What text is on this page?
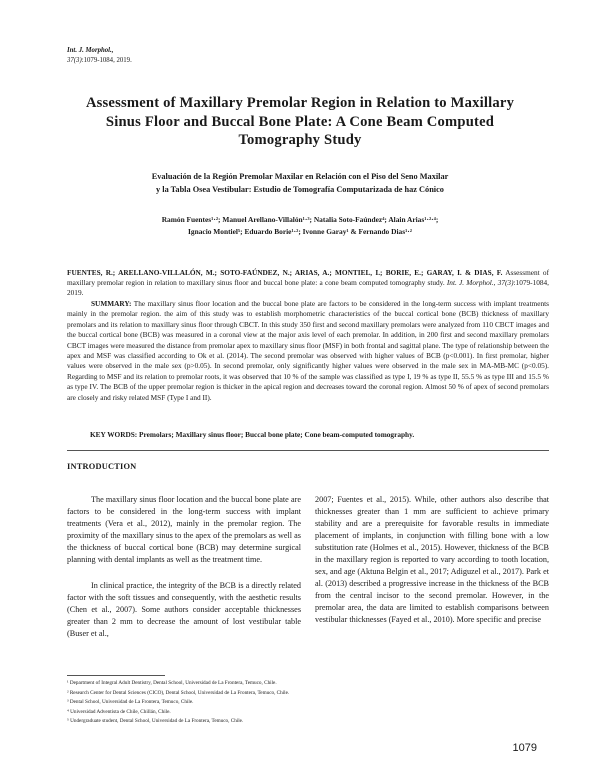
Int. J. Morphol.,
37(3):1079-1084, 2019.
Assessment of Maxillary Premolar Region in Relation to Maxillary Sinus Floor and Buccal Bone Plate: A Cone Beam Computed Tomography Study
Evaluación de la Región Premolar Maxilar en Relación con el Piso del Seno Maxilar
y la Tabla Osea Vestibular: Estudio de Tomografía Computarizada de haz Cónico
Ramón Fuentes¹·²; Manuel Arellano-Villalón¹·³; Natalia Soto-Faúndez⁴; Alain Arias¹·²·⁴;
Ignacio Montiel⁵; Eduardo Borie¹·²; Ivonne Garay¹ & Fernando Dias¹·²
FUENTES, R.; ARELLANO-VILLALÓN, M.; SOTO-FAÚNDEZ, N.; ARIAS, A.; MONTIEL, I.; BORIE, E.; GARAY, I. & DIAS, F. Assessment of maxillary premolar region in relation to maxillary sinus floor and buccal bone plate: a cone beam computed tomography study. Int. J. Morphol., 37(3):1079-1084, 2019.
SUMMARY: The maxillary sinus floor location and the buccal bone plate are factors to be considered in the long-term success with implant treatments mainly in the premolar region. the aim of this study was to establish morphometric characteristics of the buccal cortical bone (BCB) thickness of maxillary premolars and its relation to maxillary sinus floor through CBCT. In this study 350 first and second maxillary premolars were analyzed from 110 CBCT images and the buccal cortical bone (BCB) was measured in a coronal view at the major axis level of each premolar. In addition, in 200 first and second maxillary premolars CBCT images were measured the distance from premolar apex to maxillary sinus floor (MSF) in both frontal and sagittal plane. The type of relationship between the apex and MSF was classified according to Ok et al. (2014). The second premolar was observed with higher values of BCB (p<0.001). In first premolar, higher values were observed in the male sex (p>0.05). In second premolar, only significantly higher values were observed in the male sex in MA-MB-MC (p<0.05). Regarding to MSF and its relation to premolar roots, it was observed that 10 % of the sample was classified as type I, 19 % as type II, 55.5 % as type III and 15.5 % as type IV. The BCB of the upper premolar region is thicker in the apical region and decreases toward the coronal region. Almost 50 % of apex of second premolars are closely and risky related MSF (Type I and II).
KEY WORDS: Premolars; Maxillary sinus floor; Buccal bone plate; Cone beam-computed tomography.
INTRODUCTION

The maxillary sinus floor location and the buccal bone plate are factors to be considered in the long-term success with implant treatments (Vera et al., 2012), mainly in the premolar region. The proximity of the maxillary sinus to the apex of the premolars as well as the thickness of buccal cortical bone (BCB) may determine surgical planning with dental implants as well as the treatment time.

In clinical practice, the integrity of the BCB is a directly related factor with the soft tissues and consequently, with the aesthetic results (Chen et al., 2007). Some authors consider acceptable thicknesses greater than 2 mm to decrease the amount of lost vestibular table (Buser et al.,

2007; Fuentes et al., 2015). While, other authors also describe that thicknesses greater than 1 mm are sufficient to achieve primary stability and are a prerequisite for favorable results in immediate placement of implants, in conjunction with filling bone with a low substitution rate (Holmes et al., 2015). However, thickness of the BCB in the maxillary region is reported to vary according to tooth location, sex, and age (Aktuna Belgin et al., 2017; Adiguzel et al., 2017). Park et al. (2013) described a progressive increase in the thickness of the BCB from the central incisor to the second premolar. However, in the premolar area, the data are limited to establish comparisons between vestibular thicknesses (Fayed et al., 2010). More specific and precise

¹ Department of Integral Adult Dentistry, Dental School, Universidad de La Frontera, Temuco, Chile.
² Research Center for Dental Sciences (CICO), Dental School, Universidad de La Frontera, Temuco, Chile.
³ Dental School, Universidad de La Frontera, Temuco, Chile.
⁴ Universidad Adventista de Chile, Chillán, Chile.
⁵ Undergraduate student, Dental School, Universidad de La Frontera, Temuco, Chile.
1079
